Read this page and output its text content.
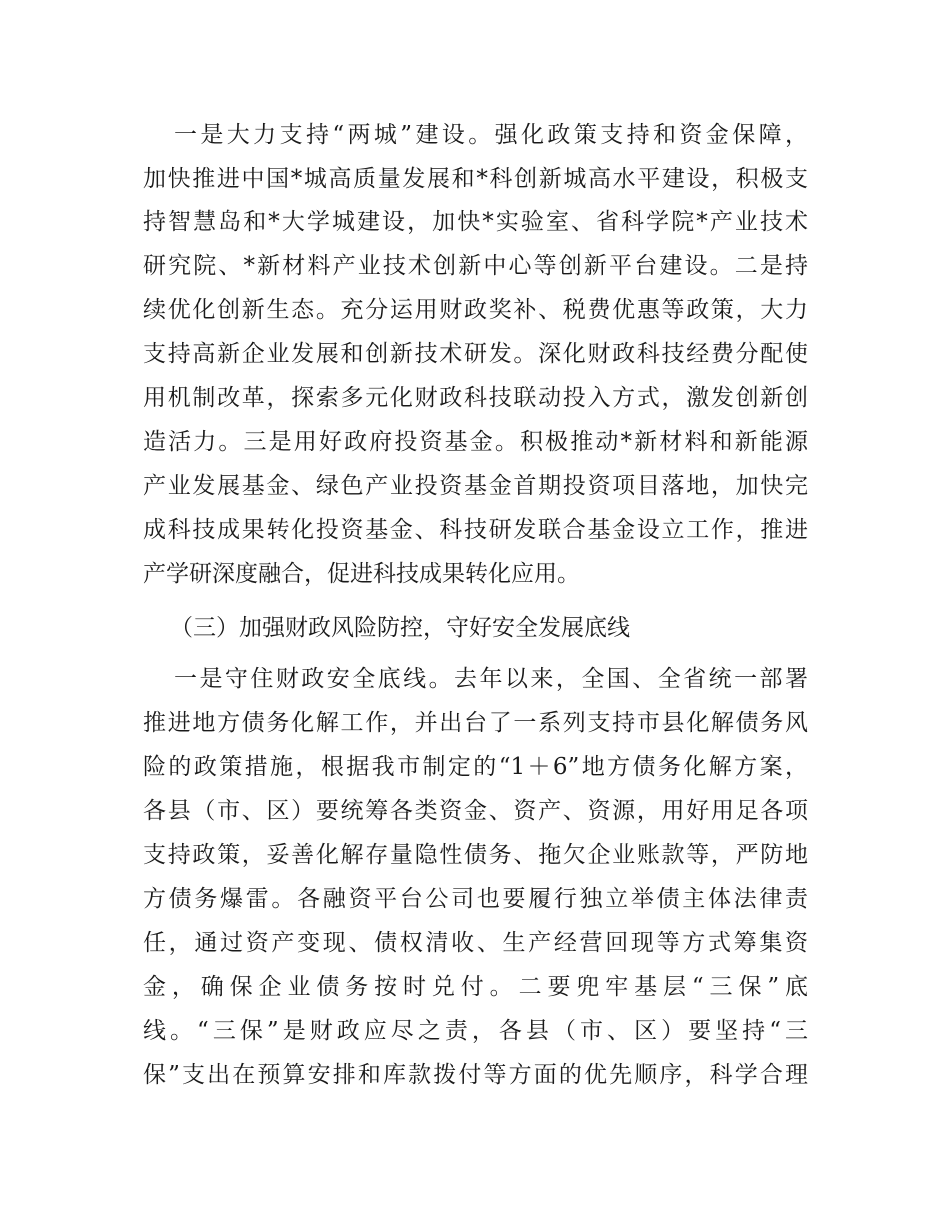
一是大力支持“两城”建设。强化政策支持和资金保障，
加快推进中国*城高质量发展和*科创新城高水平建设，积极支
持智慧岛和*大学城建设，加快*实验室、省科学院*产业技术
研究院、*新材料产业技术创新中心等创新平台建设。二是持
续优化创新生态。充分运用财政奖补、税费优惠等政策，大力
支持高新企业发展和创新技术研发。深化财政科技经费分配使
用机制改革，探索多元化财政科技联动投入方式，激发创新创
造活力。三是用好政府投资基金。积极推动*新材料和新能源
产业发展基金、绿色产业投资基金首期投资项目落地，加快完
成科技成果转化投资基金、科技研发联合基金设立工作，推进
产学研深度融合，促进科技成果转化应用。
（三）加强财政风险防控，守好安全发展底线
一是守住财政安全底线。去年以来，全国、全省统一部署
推进地方债务化解工作，并出台了一系列支持市县化解债务风
险的政策措施，根据我市制定的“1＋6”地方债务化解方案，
各县（市、区）要统筹各类资金、资产、资源，用好用足各项
支持政策，妥善化解存量隐性债务、拖欠企业账款等，严防地
方债务爆雷。各融资平台公司也要履行独立举债主体法律责
任，通过资产变现、债权清收、生产经营回现等方式筹集资
金，确保企业债务按时兑付。二要兜牢基层“三保”底
线。“三保”是财政应尽之责，各县（市、区）要坚持“三
保”支出在预算安排和库款拨付等方面的优先顺序，科学合理
